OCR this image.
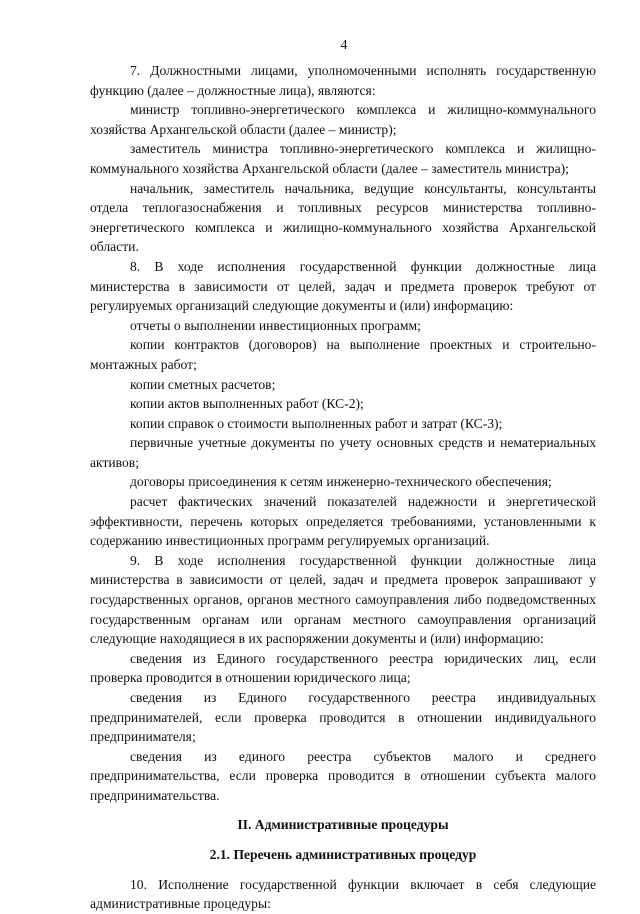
4

7. Должностными лицами, уполномоченными исполнять государственную функцию (далее – должностные лица), являются:

министр топливно-энергетического комплекса и жилищно-коммунального хозяйства Архангельской области (далее – министр);

заместитель министра топливно-энергетического комплекса и жилищно-коммунального хозяйства Архангельской области (далее – заместитель министра);

начальник, заместитель начальника, ведущие консультанты, консультанты отдела теплогазоснабжения и топливных ресурсов министерства топливно-энергетического комплекса и жилищно-коммунального хозяйства Архангельской области.

8. В ходе исполнения государственной функции должностные лица министерства в зависимости от целей, задач и предмета проверок требуют от регулируемых организаций следующие документы и (или) информацию:

отчеты о выполнении инвестиционных программ;

копии контрактов (договоров) на выполнение проектных и строительно-монтажных работ;

копии сметных расчетов;

копии актов выполненных работ (КС-2);

копии справок о стоимости выполненных работ и затрат (КС-3);

первичные учетные документы по учету основных средств и нематериальных активов;

договоры присоединения к сетям инженерно-технического обеспечения;

расчет фактических значений показателей надежности и энергетической эффективности, перечень которых определяется требованиями, установленными к содержанию инвестиционных программ регулируемых организаций.

9. В ходе исполнения государственной функции должностные лица министерства в зависимости от целей, задач и предмета проверок запрашивают у государственных органов, органов местного самоуправления либо подведомственных государственным органам или органам местного самоуправления организаций следующие находящиеся в их распоряжении документы и (или) информацию:

сведения из Единого государственного реестра юридических лиц, если проверка проводится в отношении юридического лица;

сведения из Единого государственного реестра индивидуальных предпринимателей, если проверка проводится в отношении индивидуального предпринимателя;

сведения из единого реестра субъектов малого и среднего предпринимательства, если проверка проводится в отношении субъекта малого предпринимательства.

II. Административные процедуры
2.1. Перечень административных процедур

10. Исполнение государственной функции включает в себя следующие административные процедуры:
